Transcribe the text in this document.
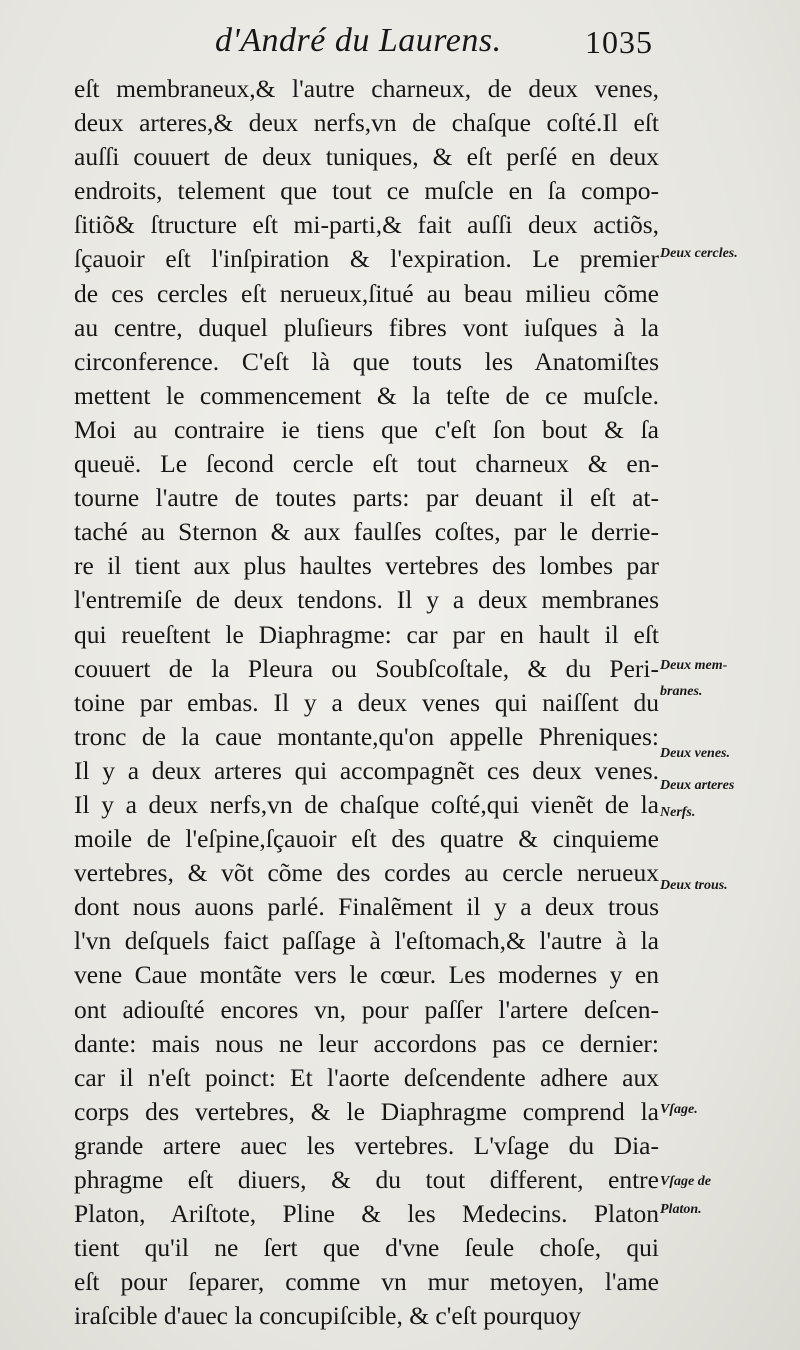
d'André du Laurens.	1035
eſt membraneux,& l'autre charneux, de deux venes,
deux arteres,& deux nerfs,vn de chaſque coſté.Il eſt
auſſi couuert de deux tuniques, & eſt perſé en deux
endroits, telement que tout ce muſcle en ſa compo-
ſitiõ& ſtructure eſt mi-parti,& fait auſſi deux actiõs,
ſçauoir eſt l'inſpiration & l'expiration. Le premier
de ces cercles eſt nerueux,ſitué au beau milieu cõme
au centre, duquel pluſieurs fibres vont iuſques à la
circonference. C'eſt là que touts les Anatomiſtes
mettent le commencement & la teſte de ce muſcle.
Moi au contraire ie tiens que c'eſt ſon bout & ſa
queuë. Le ſecond cercle eſt tout charneux & en-
tourne l'autre de toutes parts: par deuant il eſt at-
taché au Sternon & aux faulſes coſtes, par le derrie-
re il tient aux plus haultes vertebres des lombes par
l'entremiſe de deux tendons. Il y a deux membranes
qui reueſtent le Diaphragme: car par en hault il eſt
couuert de la Pleura ou Soubſcoſtale, & du Peri-
toine par embas. Il y a deux venes qui naiſſent du
tronc de la caue montante,qu'on appelle Phreniques:
Il y a deux arteres qui accompagnẽt ces deux venes.
Il y a deux nerfs,vn de chaſque coſté,qui vienẽt de la
moile de l'eſpine,ſçauoir eſt des quatre & cinquieme
vertebres, & võt cõme des cordes au cercle nerueux
dont nous auons parlé. Finalẽment il y a deux trous
l'vn deſquels faict paſſage à l'eſtomach,& l'autre à la
vene Caue montãte vers le cœur. Les modernes y en
ont adiouſté encores vn, pour paſſer l'artere deſcen-
dante: mais nous ne leur accordons pas ce dernier:
car il n'eſt poinct: Et l'aorte deſcendente adhere aux
corps des vertebres, & le Diaphragme comprend la
grande artere auec les vertebres. L'vſage du Dia-
phragme eſt diuers, & du tout different, entre
Platon, Ariſtote, Pline & les Medecins. Platon
tient qu'il ne ſert que d'vne ſeule choſe, qui
eſt pour ſeparer, comme vn mur metoyen, l'ame
iraſcible d'auec la concupiſcible, & c'eſt pourquoy
Deux cercles.
Deux mem-
branes.
Deux venes.
Deux arteres
Nerfs.
Deux trous.
Vſage.
Vſage de
Platon.
